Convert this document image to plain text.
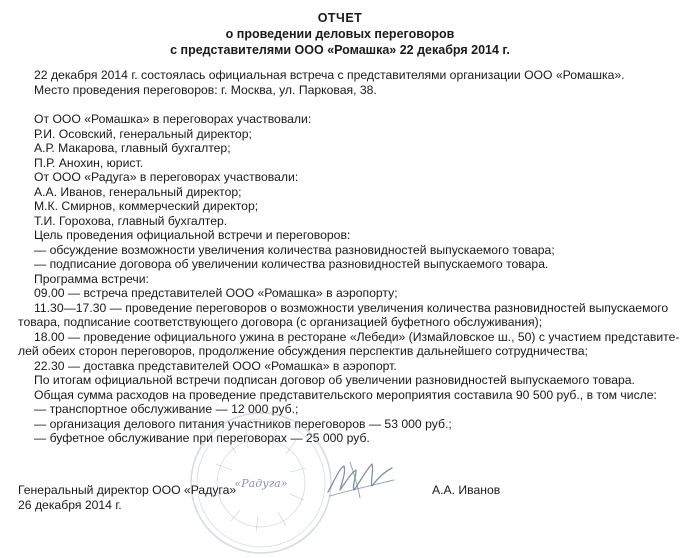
ОТЧЕТ
о проведении деловых переговоров
с представителями ООО «Ромашка» 22 декабря 2014 г.
22 декабря 2014 г. состоялась официальная встреча с представителями организации ООО «Ромашка».
Место проведения переговоров: г. Москва, ул. Парковая, 38.
От ООО «Ромашка» в переговорах участвовали:
Р.И. Осовский, генеральный директор;
А.Р. Макарова, главный бухгалтер;
П.Р. Анохин, юрист.
От ООО «Радуга» в переговорах участвовали:
А.А. Иванов, генеральный директор;
М.К. Смирнов, коммерческий директор;
Т.И. Горохова, главный бухгалтер.
Цель проведения официальной встречи и переговоров:
— обсуждение возможности увеличения количества разновидностей выпускаемого товара;
— подписание договора об увеличении количества разновидностей выпускаемого товара.
Программа встречи:
09.00 — встреча представителей ООО «Ромашка» в аэропорту;
11.30—17.30 — проведение переговоров о возможности увеличения количества разновидностей выпускаемого
товара, подписание соответствующего договора (с организацией буфетного обслуживания);
18.00 — проведение официального ужина в ресторане «Лебеди» (Измайловское ш., 50) с участием представите-
лей обеих сторон переговоров, продолжение обсуждения перспектив дальнейшего сотрудничества;
22.30 — доставка представителей ООО «Ромашка» в аэропорт.
По итогам официальной встречи подписан договор об увеличении разновидностей выпускаемого товара.
Общая сумма расходов на проведение представительского мероприятия составила 90 500 руб., в том числе:
— транспортное обслуживание — 12 000 руб.;
— организация делового питания участников переговоров — 53 000 руб.;
— буфетное обслуживание при переговорах — 25 000 руб.
«Радуга»
Генеральный директор ООО «Радуга»
26 декабря 2014 г.
А.А. Иванов
